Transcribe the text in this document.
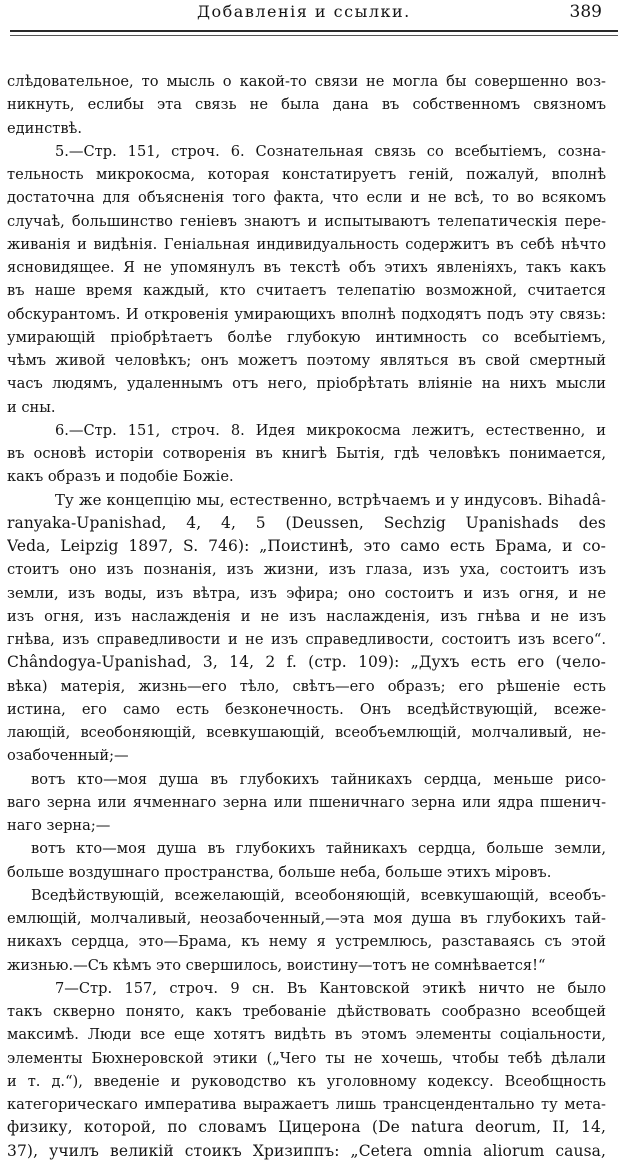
Добавленія и ссылки.	389
слѣдовательное, то мысль о какой-то связи не могла бы совершенно воз-
никнуть, еслибы эта связь не была дана въ собственномъ связномъ
единствѣ.
5.—Стр. 151, строч. 6. Сознательная связь со всебытіемъ, созна-
тельность микрокосма, которая констатируетъ геній, пожалуй, вполнѣ
достаточна для объясненія того факта, что если и не всѣ, то во всякомъ
случаѣ, большинство геніевъ знаютъ и испытываютъ телепатическія пере-
живанія и видѣнія. Геніальная индивидуальность содержитъ въ себѣ нѣчто
ясновидящее. Я не упомянулъ въ текстѣ объ этихъ явленіяхъ, такъ какъ
въ наше время каждый, кто считаетъ телепатію возможной, считается
обскурантомъ. И откровенія умирающихъ вполнѣ подходятъ подъ эту связь:
умирающій пріобрѣтаетъ болѣе глубокую интимность со всебытіемъ,
чѣмъ живой человѣкъ; онъ можетъ поэтому являться въ свой смертный
часъ людямъ, удаленнымъ отъ него, пріобрѣтать вліяніе на нихъ мысли
и сны.
6.—Стр. 151, строч. 8. Идея микрокосма лежитъ, естественно, и
въ основѣ исторіи сотворенія въ книгѣ Бытія, гдѣ человѣкъ понимается,
какъ образъ и подобіе Божіе.
Ту же концепцію мы, естественно, встрѣчаемъ и у индусовъ. Bihadâ-
ranyaka-Upanishad, 4, 4, 5 (Deussen, Sechzig Upanishads des
Veda, Leipzig 1897, S. 746): „Поистинѣ, это само есть Брама, и со-
стоитъ оно изъ познанія, изъ жизни, изъ глаза, изъ уха, состоитъ изъ
земли, изъ воды, изъ вѣтра, изъ эфира; оно состоитъ и изъ огня, и не
изъ огня, изъ наслажденія и не изъ наслажденія, изъ гнѣва и не изъ
гнѣва, изъ справедливости и не изъ справедливости, состоитъ изъ всего“.
Chândogya-Upanishad, 3, 14, 2 f. (стр. 109): „Духъ есть его (чело-
вѣка) матерія, жизнь—его тѣло, свѣтъ—его образъ; его рѣшеніе есть
истина, его само есть безконечность. Онъ вседѣйствующій, всеже-
лающій, всеобоняющій, всевкушающій, всеобъемлющій, молчаливый, не-
озабоченный;—
вотъ кто—моя душа въ глубокихъ тайникахъ сердца, меньше рисо-
ваго зерна или ячменнаго зерна или пшеничнаго зерна или ядра пшенич-
наго зерна;—
вотъ кто—моя душа въ глубокихъ тайникахъ сердца, больше земли,
больше воздушнаго пространства, больше неба, больше этихъ міровъ.
Вседѣйствующій, всежелающій, всеобоняющій, всевкушающій, всеобъ-
емлющій, молчаливый, неозабоченный,—эта моя душа въ глубокихъ тай-
никахъ сердца, это—Брама, къ нему я устремлюсь, разставаясь съ этой
жизнью.—Съ кѣмъ это свершилось, воистину—тотъ не сомнѣвается!“
7—Стр. 157, строч. 9 сн. Въ Кантовской этикѣ ничто не было
такъ скверно понято, какъ требованіе дѣйствовать сообразно всеобщей
максимѣ. Люди все еще хотятъ видѣть въ этомъ элементы соціальности,
элементы Бюхнеровской этики („Чего ты не хочешь, чтобы тебѣ дѣлали
и т. д.“), введеніе и руководство къ уголовному кодексу. Всеобщность
категорическаго императива выражаетъ лишь трансцендентально ту мета-
физику, которой, по словамъ Цицерона (De natura deorum, II, 14,
37), училъ великій стоикъ Хризиппъ: „Cetera omnia aliorum causa,
